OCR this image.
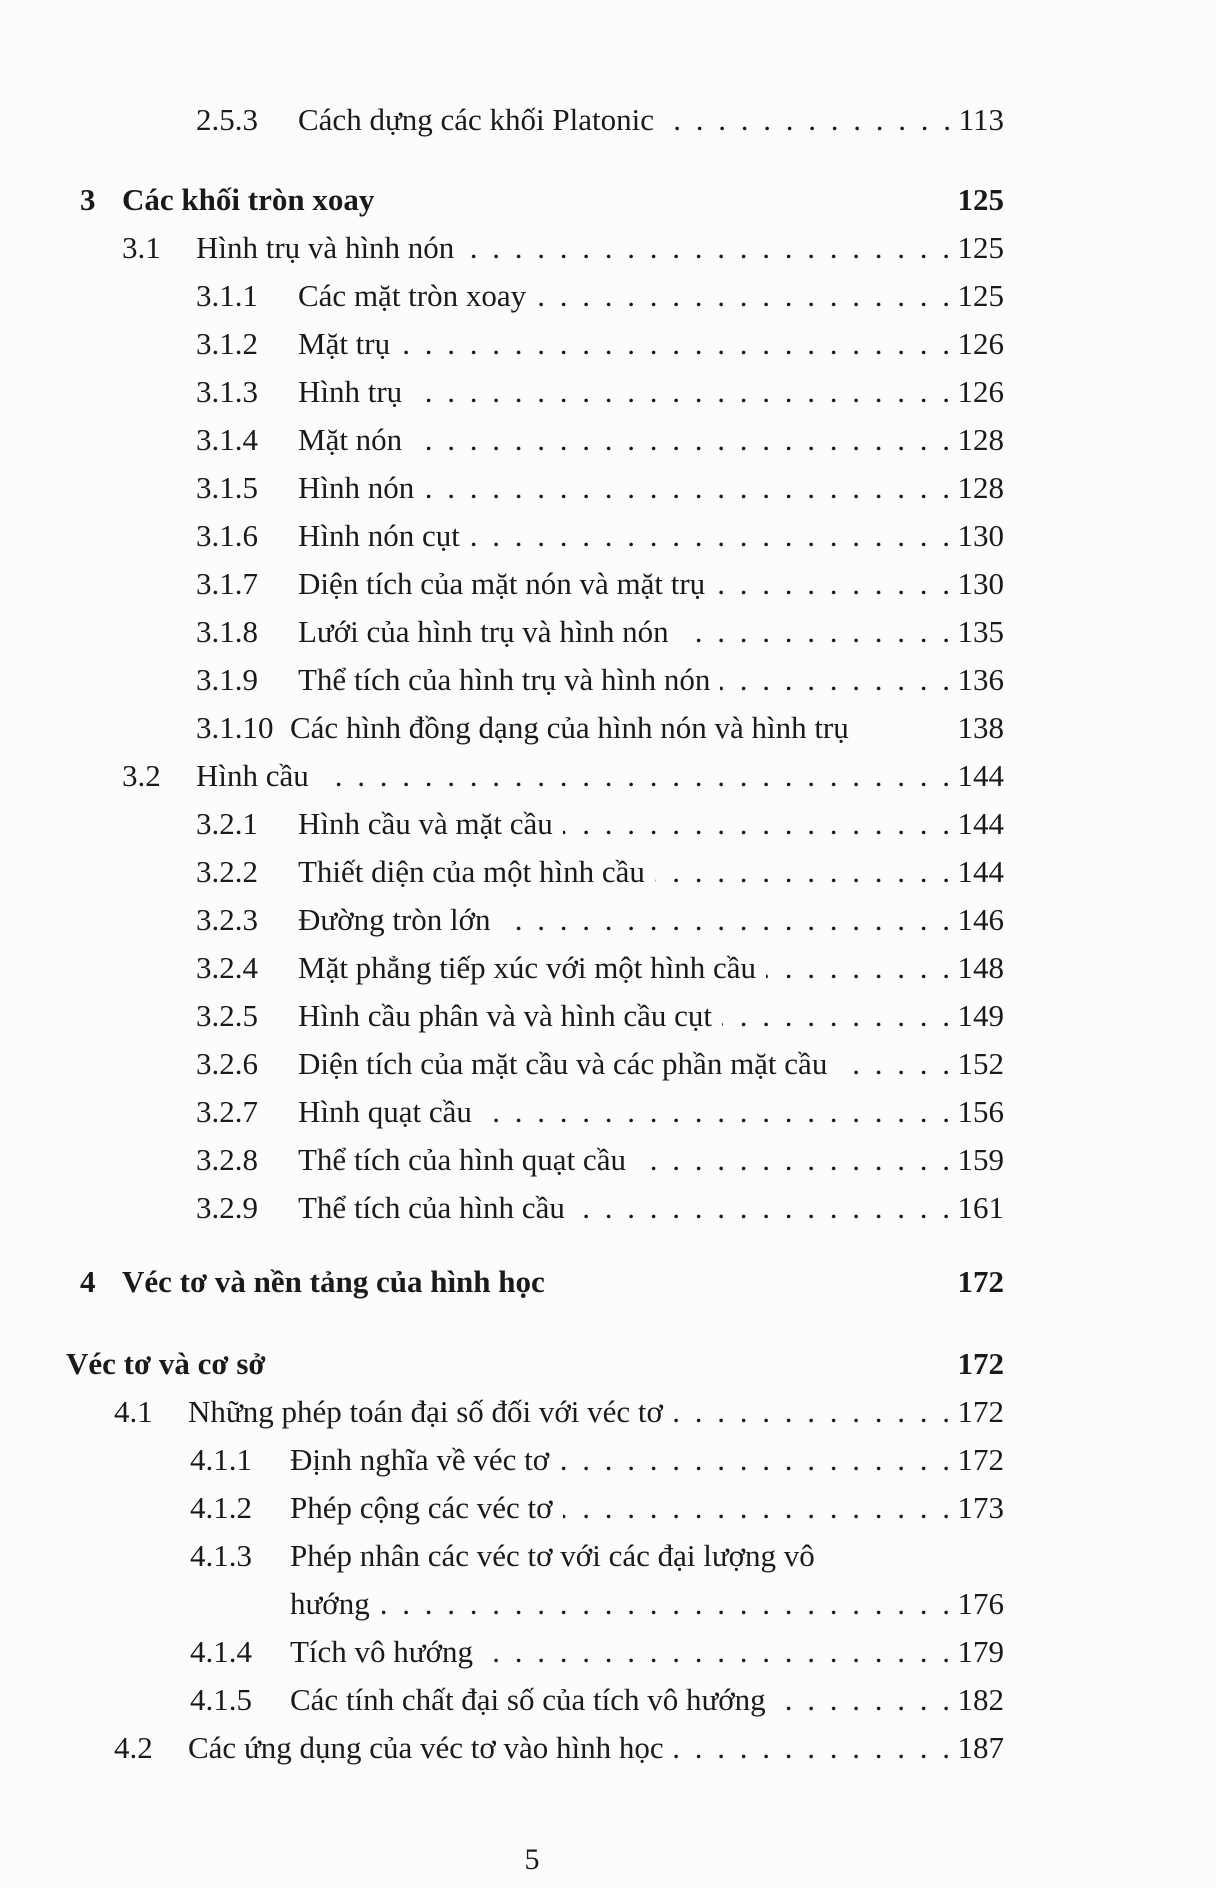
2.5.3 Cách dựng các khối Platonic	113
. . .
3 Các khối tròn xoay	125
3.1 Hình trụ và hình nón	125
. . .
3.1.1 Các mặt tròn xoay	125
. . .
3.1.2 Mặt trụ	126
. . .
3.1.3 Hình trụ	126
. . .
3.1.4 Mặt nón	128
. . .
3.1.5 Hình nón	128
. . .
3.1.6 Hình nón cụt	130
. . .
3.1.7 Diện tích của mặt nón và mặt trụ	130
. . .
3.1.8 Lưới của hình trụ và hình nón	135
. . .
3.1.9 Thể tích của hình trụ và hình nón	136
. . .
3.1.10 Các hình đồng dạng của hình nón và hình trụ	138
3.2 Hình cầu	144
. . .
3.2.1 Hình cầu và mặt cầu	144
. . .
3.2.2 Thiết diện của một hình cầu	144
. . .
3.2.3 Đường tròn lớn	146
. . .
3.2.4 Mặt phẳng tiếp xúc với một hình cầu	148
. . .
3.2.5 Hình cầu phân và và hình cầu cụt	149
. . .
3.2.6 Diện tích của mặt cầu và các phần mặt cầu	152
. . .
3.2.7 Hình quạt cầu	156
. . .
3.2.8 Thể tích của hình quạt cầu	159
. . .
3.2.9 Thể tích của hình cầu	161
. . .
4 Véc tơ và nền tảng của hình học	172
Véc tơ và cơ sở	172
4.1 Những phép toán đại số đối với véc tơ	172
. . .
4.1.1 Định nghĩa về véc tơ	172
. . .
4.1.2 Phép cộng các véc tơ	173
. . .
4.1.3 Phép nhân các véc tơ với các đại lượng vô
hướng	176
. . .
4.1.4 Tích vô hướng	179
. . .
4.1.5 Các tính chất đại số của tích vô hướng	182
. . .
4.2 Các ứng dụng của véc tơ vào hình học	187
. . .
5
